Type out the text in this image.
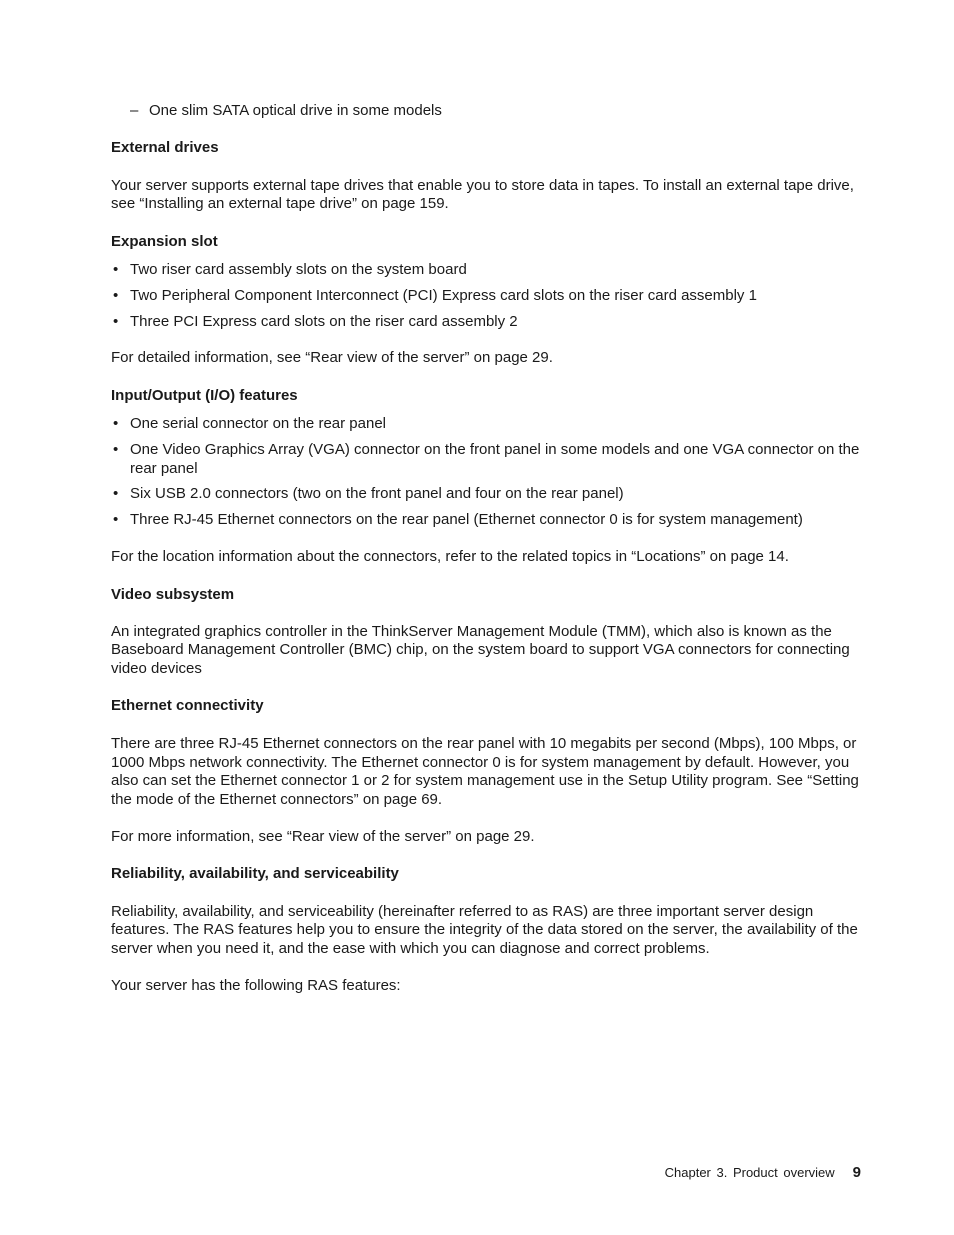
– One slim SATA optical drive in some models
External drives

Your server supports external tape drives that enable you to store data in tapes. To install an external tape drive, see “Installing an external tape drive” on page 159.

Expansion slot
• Two riser card assembly slots on the system board
• Two Peripheral Component Interconnect (PCI) Express card slots on the riser card assembly 1
• Three PCI Express card slots on the riser card assembly 2

For detailed information, see “Rear view of the server” on page 29.

Input/Output (I/O) features
• One serial connector on the rear panel
• One Video Graphics Array (VGA) connector on the front panel in some models and one VGA connector on the rear panel
• Six USB 2.0 connectors (two on the front panel and four on the rear panel)
• Three RJ-45 Ethernet connectors on the rear panel (Ethernet connector 0 is for system management)

For the location information about the connectors, refer to the related topics in “Locations” on page 14.

Video subsystem

An integrated graphics controller in the ThinkServer Management Module (TMM), which also is known as the Baseboard Management Controller (BMC) chip, on the system board to support VGA connectors for connecting video devices

Ethernet connectivity

There are three RJ-45 Ethernet connectors on the rear panel with 10 megabits per second (Mbps), 100 Mbps, or 1000 Mbps network connectivity. The Ethernet connector 0 is for system management by default. However, you also can set the Ethernet connector 1 or 2 for system management use in the Setup Utility program. See “Setting the mode of the Ethernet connectors” on page 69.

For more information, see “Rear view of the server” on page 29.

Reliability, availability, and serviceability

Reliability, availability, and serviceability (hereinafter referred to as RAS) are three important server design features. The RAS features help you to ensure the integrity of the data stored on the server, the availability of the server when you need it, and the ease with which you can diagnose and correct problems.

Your server has the following RAS features:

Chapter 3. Product overview 9
